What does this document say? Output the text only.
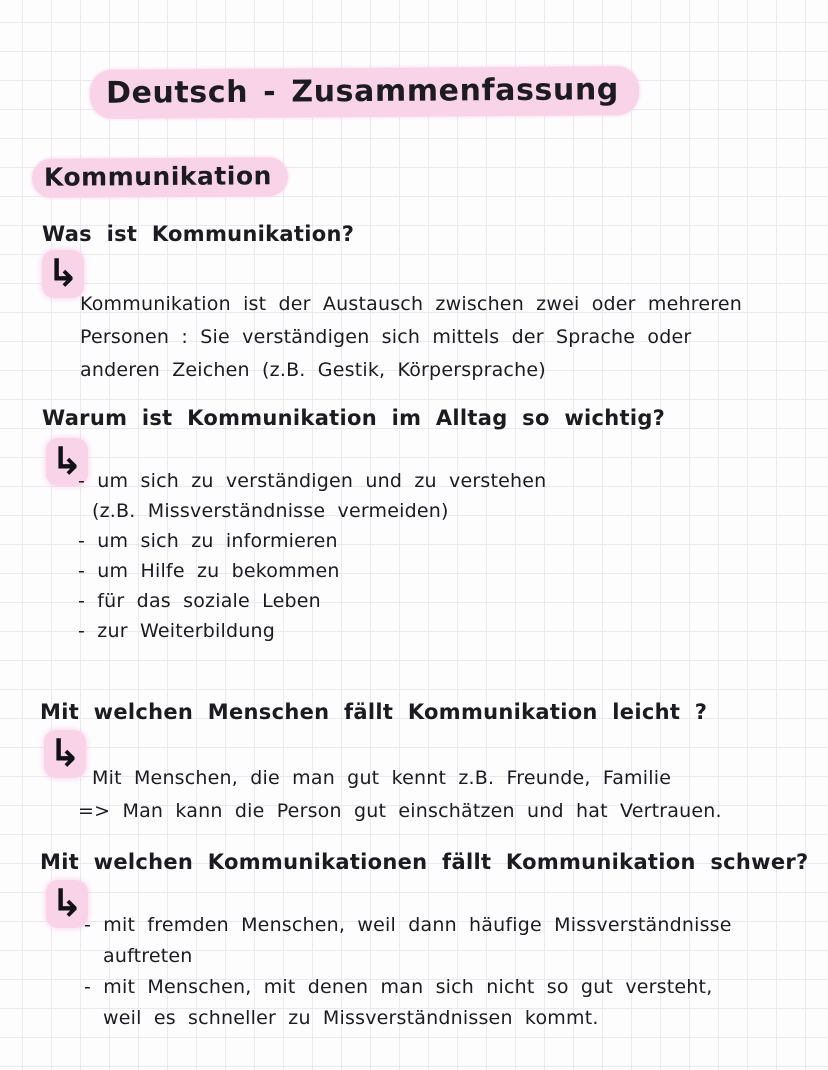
Deutsch - Zusammenfassung
Kommunikation
Was ist Kommunikation?
↳
Kommunikation ist der Austausch zwischen zwei oder mehreren
Personen : Sie verständigen sich mittels der Sprache oder
anderen Zeichen (z.B. Gestik, Körpersprache)
Warum ist Kommunikation im Alltag so wichtig?
↳
- um sich zu verständigen und zu verstehen
(z.B. Missverständnisse vermeiden)
- um sich zu informieren
- um Hilfe zu bekommen
- für das soziale Leben
- zur Weiterbildung
Mit welchen Menschen fällt Kommunikation leicht ?
↳
Mit Menschen, die man gut kennt z.B. Freunde, Familie
=> Man kann die Person gut einschätzen und hat Vertrauen.
Mit welchen Kommunikationen fällt Kommunikation schwer?
↳ - mit fremden Menschen, weil dann häufige Missverständnisse
auftreten
- mit Menschen, mit denen man sich nicht so gut versteht,
weil es schneller zu Missverständnissen kommt.
